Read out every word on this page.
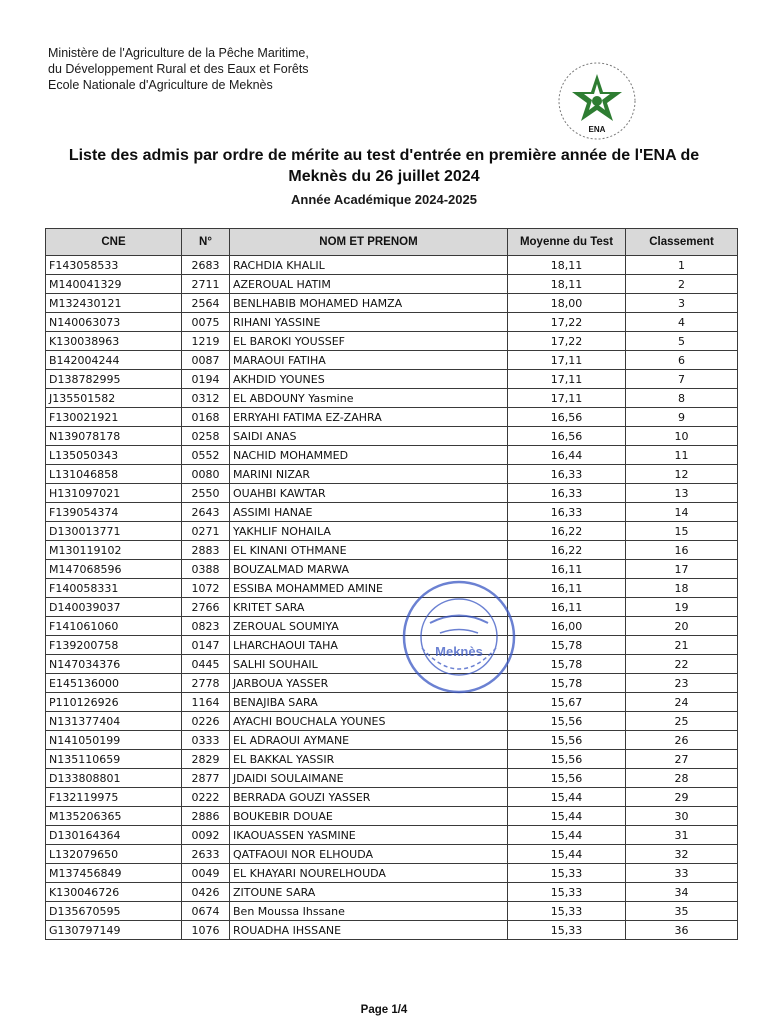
Ministère de l'Agriculture de la Pêche Maritime,
du Développement Rural et des Eaux et Forêts
Ecole Nationale d'Agriculture de Meknès
ENA
Liste des admis par ordre de mérite au test d'entrée en première année de l'ENA de
Meknès du 26 juillet 2024
Année Académique 2024-2025
CNE	N°	NOM ET PRENOM	Moyenne du Test	Classement
F143058533	2683	RACHDIA KHALIL	18,11	1
M140041329	2711	AZEROUAL HATIM	18,11	2
M132430121	2564	BENLHABIB MOHAMED HAMZA	18,00	3
N140063073	0075	RIHANI YASSINE	17,22	4
K130038963	1219	EL BAROKI YOUSSEF	17,22	5
B142004244	0087	MARAOUI FATIHA	17,11	6
D138782995	0194	AKHDID YOUNES	17,11	7
J135501582	0312	EL ABDOUNY Yasmine	17,11	8
F130021921	0168	ERRYAHI FATIMA EZ-ZAHRA	16,56	9
N139078178	0258	SAIDI ANAS	16,56	10
L135050343	0552	NACHID MOHAMMED	16,44	11
L131046858	0080	MARINI NIZAR	16,33	12
H131097021	2550	OUAHBI KAWTAR	16,33	13
F139054374	2643	ASSIMI HANAE	16,33	14
D130013771	0271	YAKHLIF NOHAILA	16,22	15
M130119102	2883	EL KINANI OTHMANE	16,22	16
M147068596	0388	BOUZALMAD MARWA	16,11	17
F140058331	1072	ESSIBA MOHAMMED AMINE	16,11	18
D140039037	2766	KRITET SARA	16,11	19
F141061060	0823	ZEROUAL SOUMIYA	16,00	20
F139200758	0147	LHARCHAOUI TAHA	15,78	21
N147034376	0445	SALHI SOUHAIL	15,78	22
E145136000	2778	JARBOUA YASSER	15,78	23
P110126926	1164	BENAJIBA SARA	15,67	24
N131377404	0226	AYACHI BOUCHALA YOUNES	15,56	25
N141050199	0333	EL ADRAOUI AYMANE	15,56	26
N135110659	2829	EL BAKKAL YASSIR	15,56	27
D133808801	2877	JDAIDI SOULAIMANE	15,56	28
F132119975	0222	BERRADA GOUZI YASSER	15,44	29
M135206365	2886	BOUKEBIR DOUAE	15,44	30
D130164364	0092	IKAOUASSEN YASMINE	15,44	31
L132079650	2633	QATFAOUI NOR ELHOUDA	15,44	32
M137456849	0049	EL KHAYARI NOURELHOUDA	15,33	33
K130046726	0426	ZITOUNE SARA	15,33	34
D135670595	0674	Ben Moussa Ihssane	15,33	35
G130797149	1076	ROUADHA IHSSANE	15,33	36
Meknès
Page 1/4
